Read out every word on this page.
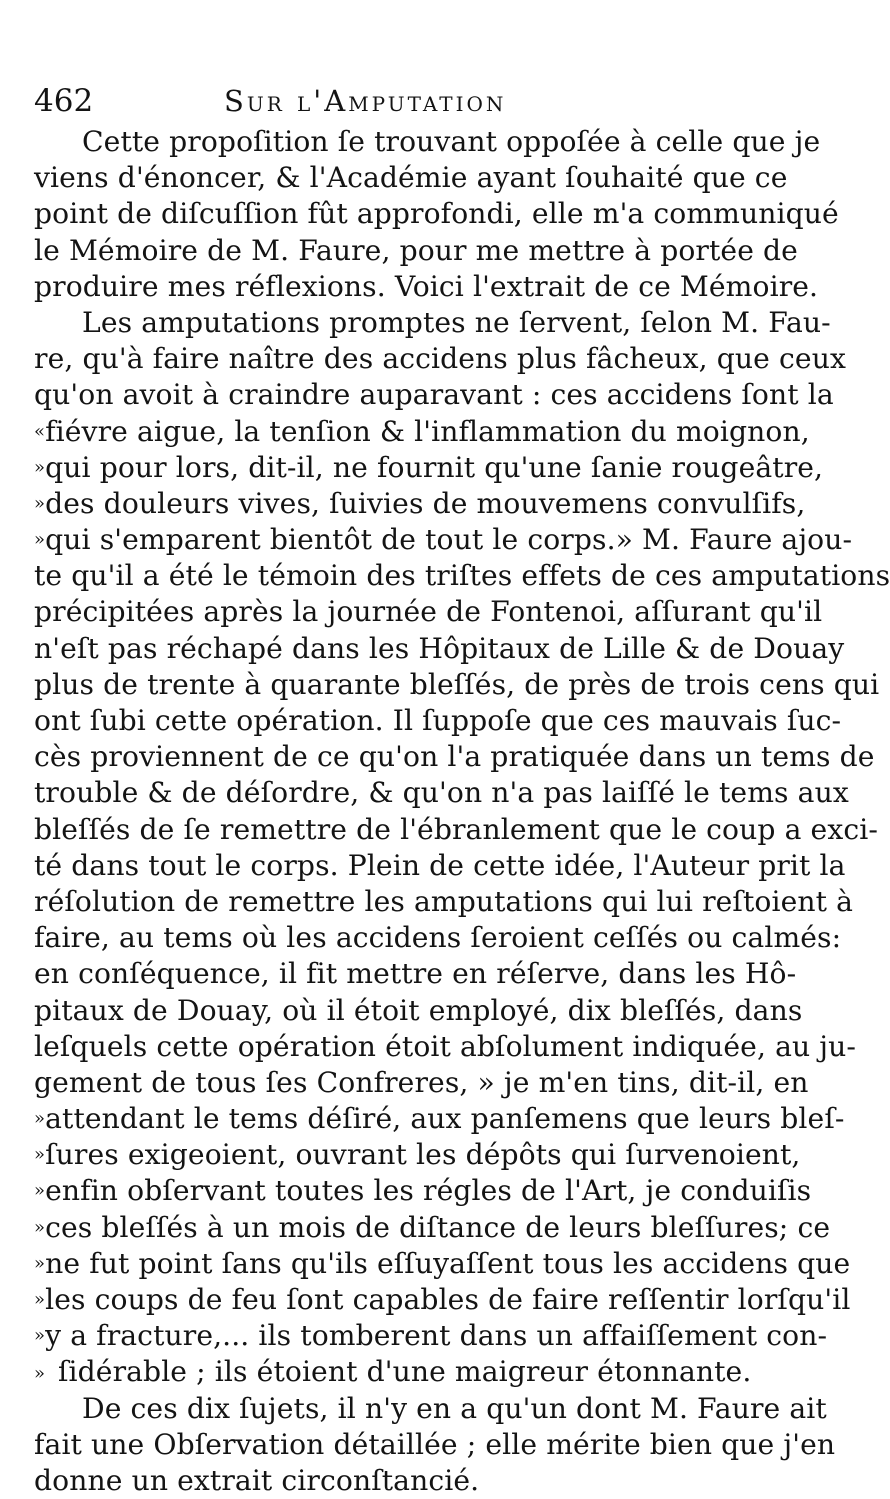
462	Sur l'Amputation
Cette propoſition ſe trouvant oppoſée à celle que je
viens d'énoncer, & l'Académie ayant ſouhaité que ce
point de diſcuſſion fût approfondi, elle m'a communiqué
le Mémoire de M. Faure, pour me mettre à portée de
produire mes réflexions. Voici l'extrait de ce Mémoire.
Les amputations promptes ne ſervent, ſelon M. Fau-
re, qu'à faire naître des accidens plus fâcheux, que ceux
qu'on avoit à craindre auparavant : ces accidens ſont la
« fiévre aigue, la tenſion & l'inflammation du moignon,
» qui pour lors, dit-il, ne fournit qu'une ſanie rougeâtre,
» des douleurs vives, ſuivies de mouvemens convulſifs,
» qui s'emparent bientôt de tout le corps.» M. Faure ajou-
te qu'il a été le témoin des triſtes effets de ces amputations
précipitées après la journée de Fontenoi, aſſurant qu'il
n'eſt pas réchapé dans les Hôpitaux de Lille & de Douay
plus de trente à quarante bleſſés, de près de trois cens qui
ont ſubi cette opération. Il ſuppoſe que ces mauvais ſuc-
cès proviennent de ce qu'on l'a pratiquée dans un tems de
trouble & de déſordre, & qu'on n'a pas laiſſé le tems aux
bleſſés de ſe remettre de l'ébranlement que le coup a exci-
té dans tout le corps. Plein de cette idée, l'Auteur prit la
réſolution de remettre les amputations qui lui reſtoient à
faire, au tems où les accidens ſeroient ceſſés ou calmés:
en conſéquence, il fit mettre en réſerve, dans les Hô-
pitaux de Douay, où il étoit employé, dix bleſſés, dans
leſquels cette opération étoit abſolument indiquée, au ju-
gement de tous ſes Confreres, » je m'en tins, dit-il, en
» attendant le tems déſiré, aux panſemens que leurs bleſ-
» ſures exigeoient, ouvrant les dépôts qui ſurvenoient,
» enfin obſervant toutes les régles de l'Art, je conduiſis
» ces bleſſés à un mois de diſtance de leurs bleſſures; ce
» ne fut point ſans qu'ils eſſuyaſſent tous les accidens que
» les coups de feu ſont capables de faire reſſentir lorſqu'il
» y a fracture,... ils tomberent dans un affaiſſement con-
» ſidérable ; ils étoient d'une maigreur étonnante.
De ces dix ſujets, il n'y en a qu'un dont M. Faure ait
fait une Obſervation détaillée ; elle mérite bien que j'en
donne un extrait circonſtancié.
